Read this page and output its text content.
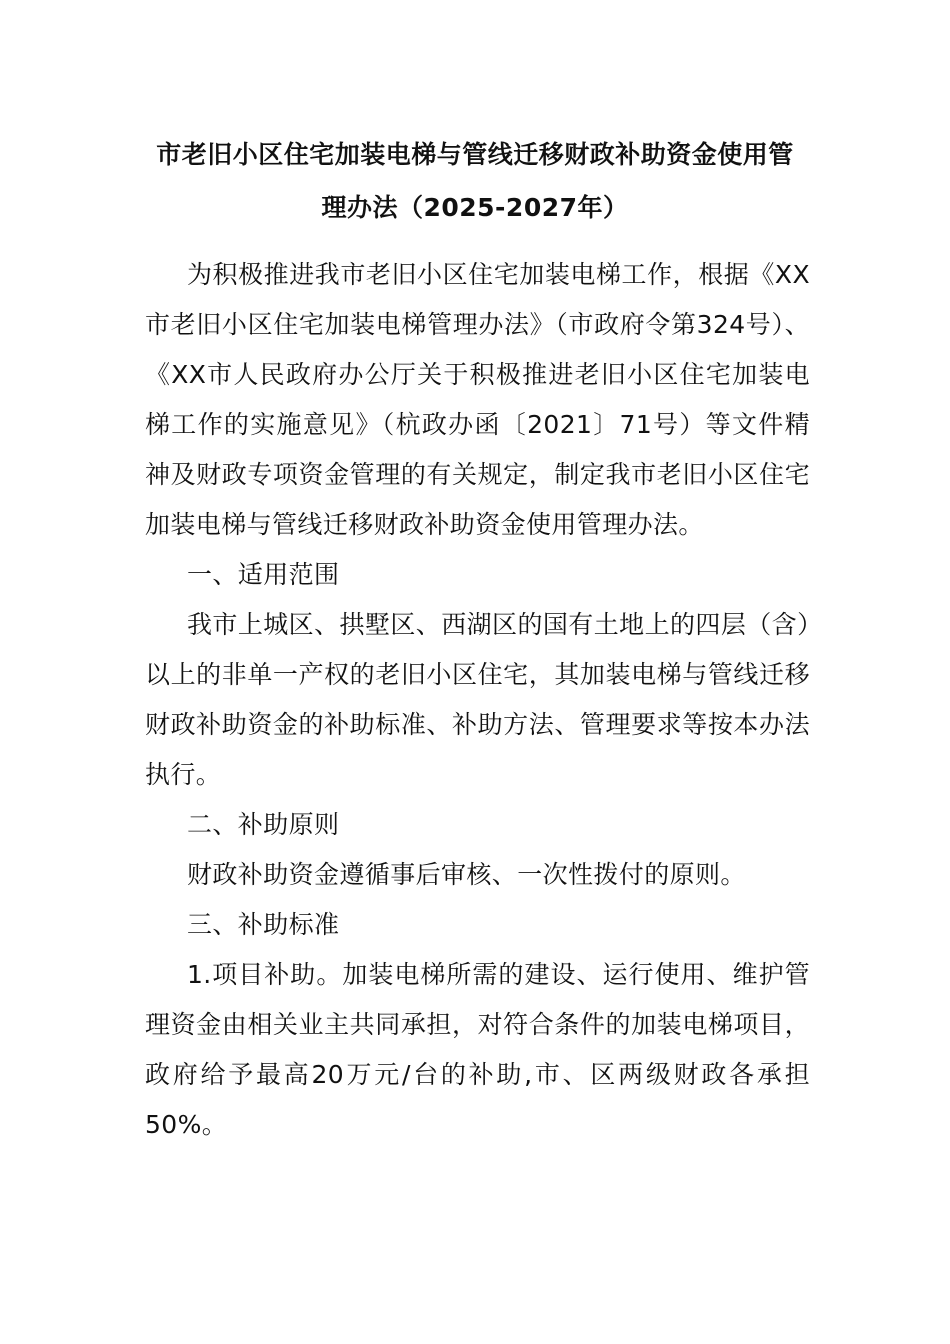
市老旧小区住宅加装电梯与管线迁移财政补助资金使用管
理办法（2025-2027年）

为积极推进我市老旧小区住宅加装电梯工作，根据《XX市老旧小区住宅加装电梯管理办法》（市政府令第324号）、《XX市人民政府办公厅关于积极推进老旧小区住宅加装电梯工作的实施意见》（杭政办函〔2021〕71号）等文件精神及财政专项资金管理的有关规定，制定我市老旧小区住宅加装电梯与管线迁移财政补助资金使用管理办法。

一、适用范围

我市上城区、拱墅区、西湖区的国有土地上的四层（含）以上的非单一产权的老旧小区住宅，其加装电梯与管线迁移财政补助资金的补助标准、补助方法、管理要求等按本办法执行。

二、补助原则

财政补助资金遵循事后审核、一次性拨付的原则。

三、补助标准

1.项目补助。加装电梯所需的建设、运行使用、维护管理资金由相关业主共同承担，对符合条件的加装电梯项目，政府给予最高20万元/台的补助,市、区两级财政各承担50%。
